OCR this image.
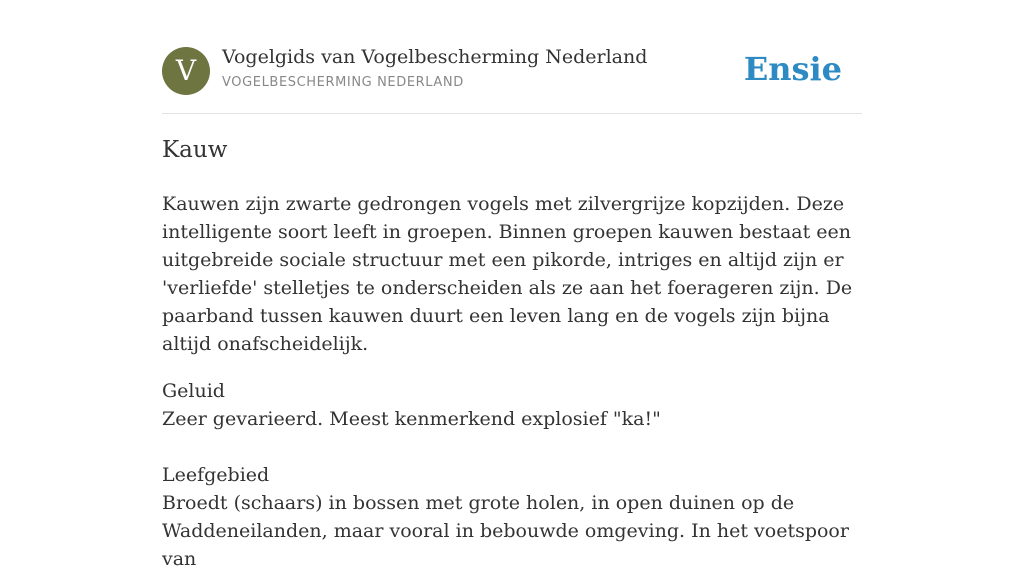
V	Vogelgids van Vogelbescherming Nederland
VOGELBESCHERMING NEDERLAND	Ensie
Kauw

Kauwen zijn zwarte gedrongen vogels met zilvergrijze kopzijden. Deze intelligente soort leeft in groepen. Binnen groepen kauwen bestaat een uitgebreide sociale structuur met een pikorde, intriges en altijd zijn er 'verliefde' stelletjes te onderscheiden als ze aan het foerageren zijn. De paarband tussen kauwen duurt een leven lang en de vogels zijn bijna altijd onafscheidelijk.

Geluid

Zeer gevarieerd. Meest kenmerkend explosief "ka!"

Leefgebied

Broedt (schaars) in bossen met grote holen, in open duinen op de Waddeneilanden, maar vooral in bebouwde omgeving. In het voetspoor van
